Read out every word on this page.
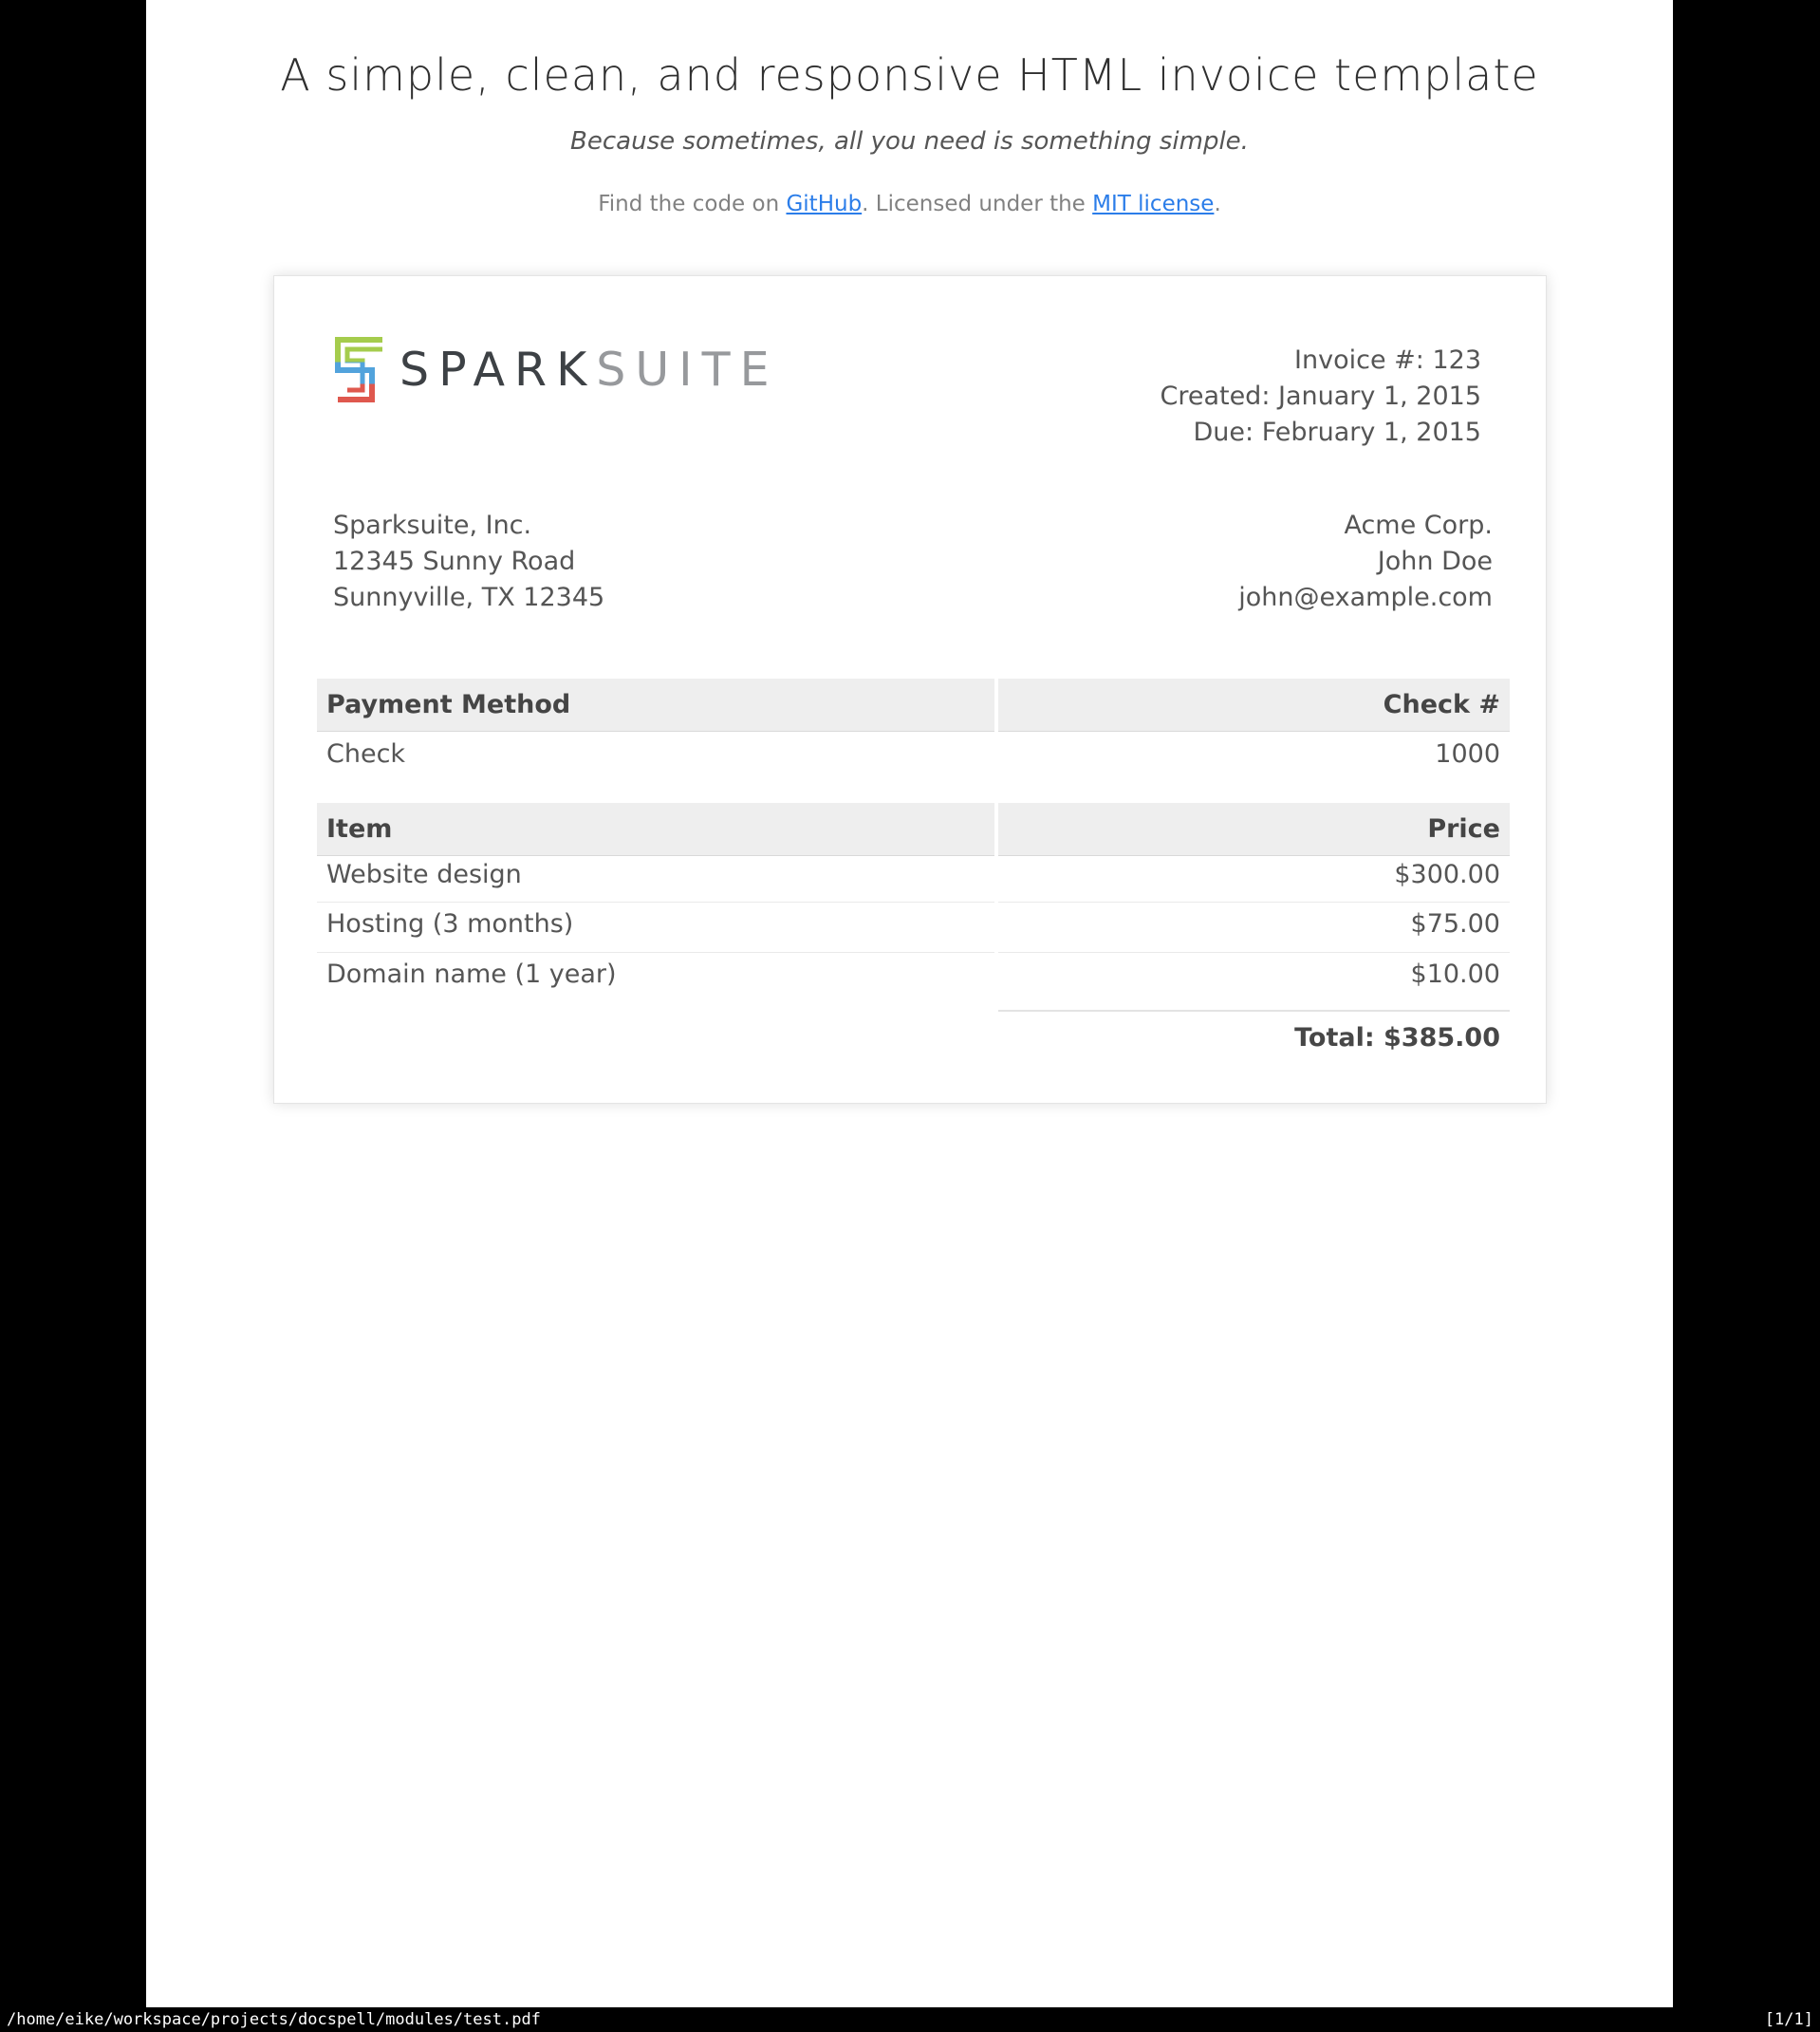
A simple, clean, and responsive HTML invoice template
Because sometimes, all you need is something simple.
Find the code on GitHub. Licensed under the MIT license.
SPARKSUITE	Invoice #: 123
Created: January 1, 2015
Due: February 1, 2015
Sparksuite, Inc.
12345 Sunny Road
Sunnyville, TX 12345
Acme Corp.
John Doe
john@example.com
Payment Method	Check #
Check	1000
Item	Price
Website design	$300.00
Hosting (3 months)	$75.00
Domain name (1 year)	$10.00
Total: $385.00
/home/eike/workspace/projects/docspell/modules/test.pdf	[1/1]
